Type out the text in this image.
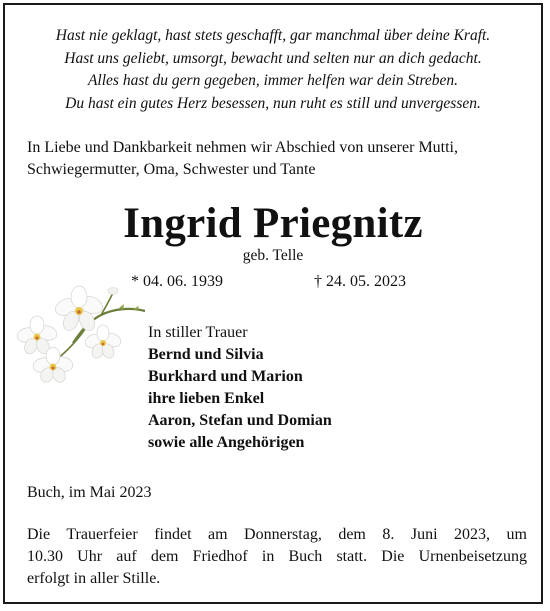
Hast nie geklagt, hast stets geschafft, gar manchmal über deine Kraft.
Hast uns geliebt, umsorgt, bewacht und selten nur an dich gedacht.
Alles hast du gern gegeben, immer helfen war dein Streben.
Du hast ein gutes Herz besessen, nun ruht es still und unvergessen.
In Liebe und Dankbarkeit nehmen wir Abschied von unserer Mutti,
Schwiegermutter, Oma, Schwester und Tante
Ingrid Priegnitz
geb. Telle
* 04. 06. 1939	† 24. 05. 2023
In stiller Trauer
Bernd und Silvia
Burkhard und Marion
ihre lieben Enkel
Aaron, Stefan und Domian
sowie alle Angehörigen
Buch, im Mai 2023
Die Trauerfeier findet am Donnerstag, dem 8. Juni 2023, um
10.30 Uhr auf dem Friedhof in Buch statt. Die Urnenbeisetzung
erfolgt in aller Stille.
